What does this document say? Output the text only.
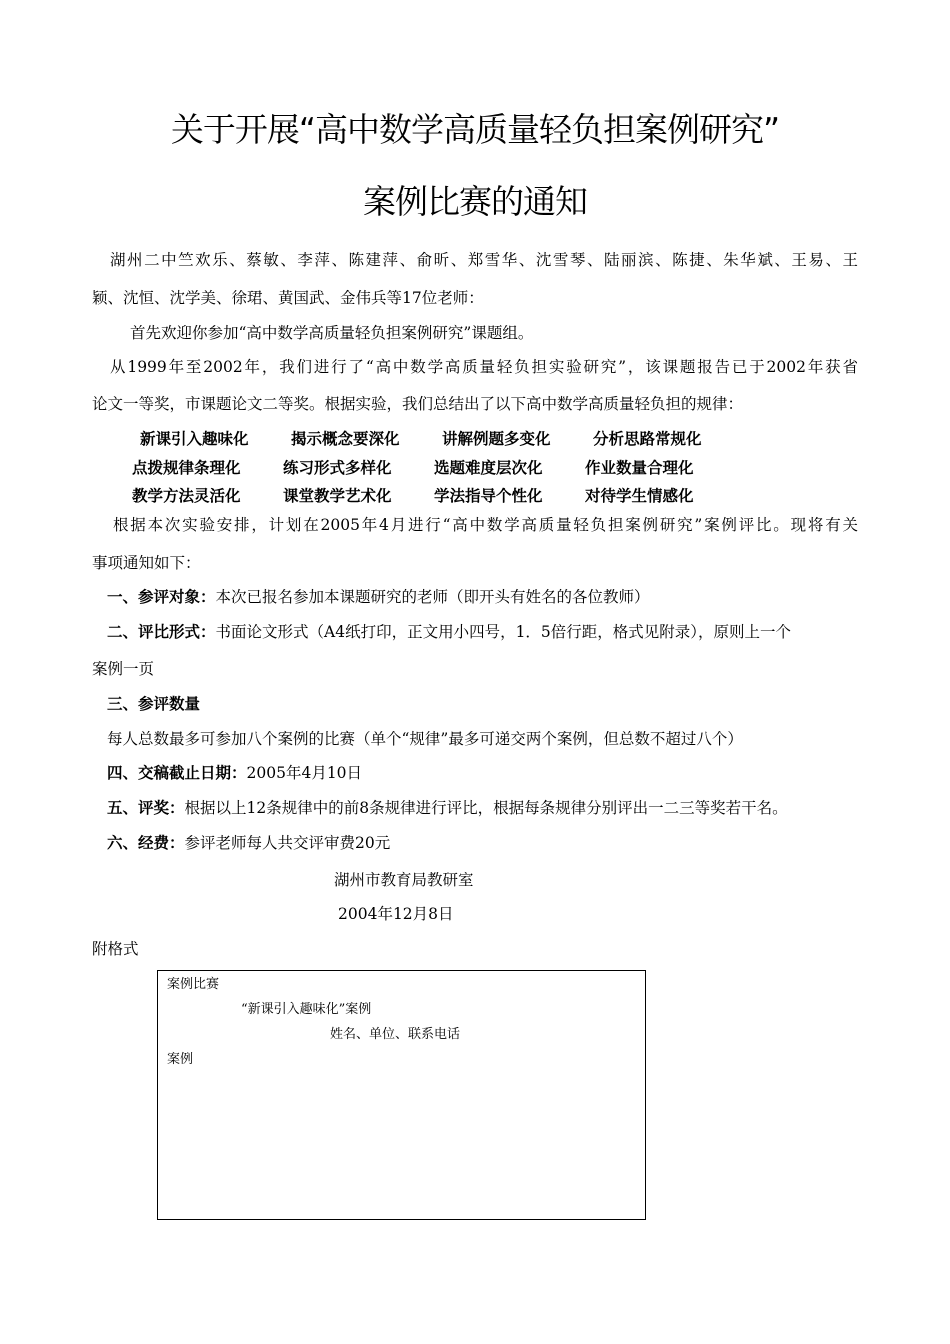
关于开展“高中数学高质量轻负担案例研究”
案例比赛的通知
湖州二中竺欢乐、蔡敏、李萍、陈建萍、俞昕、郑雪华、沈雪琴、陆丽滨、陈捷、朱华斌、王易、王
颖、沈恒、沈学美、徐珺、黄国武、金伟兵等17位老师：
首先欢迎你参加“高中数学高质量轻负担案例研究”课题组。
从1999年至2002年，我们进行了“高中数学高质量轻负担实验研究”，该课题报告已于2002年获省
论文一等奖，市课题论文二等奖。根据实验，我们总结出了以下高中数学高质量轻负担的规律：
新课引入趣味化	揭示概念要深化	讲解例题多变化	分析思路常规化
点拨规律条理化	练习形式多样化	选题难度层次化	作业数量合理化
教学方法灵活化	课堂教学艺术化	学法指导个性化	对待学生情感化
根据本次实验安排，计划在2005年4月进行“高中数学高质量轻负担案例研究”案例评比。现将有关
事项通知如下：
一、参评对象：本次已报名参加本课题研究的老师（即开头有姓名的各位教师）
二、评比形式：书面论文形式（A4纸打印，正文用小四号，1．5倍行距，格式见附录），原则上一个
案例一页
三、参评数量
每人总数最多可参加八个案例的比赛（单个“规律”最多可递交两个案例，但总数不超过八个）
四、交稿截止日期：2005年4月10日
五、评奖：根据以上12条规律中的前8条规律进行评比，根据每条规律分别评出一二三等奖若干名。
六、经费：参评老师每人共交评审费20元
湖州市教育局教研室
2004年12月8日
附格式
案例比赛
“新课引入趣味化”案例
姓名、单位、联系电话
案例
